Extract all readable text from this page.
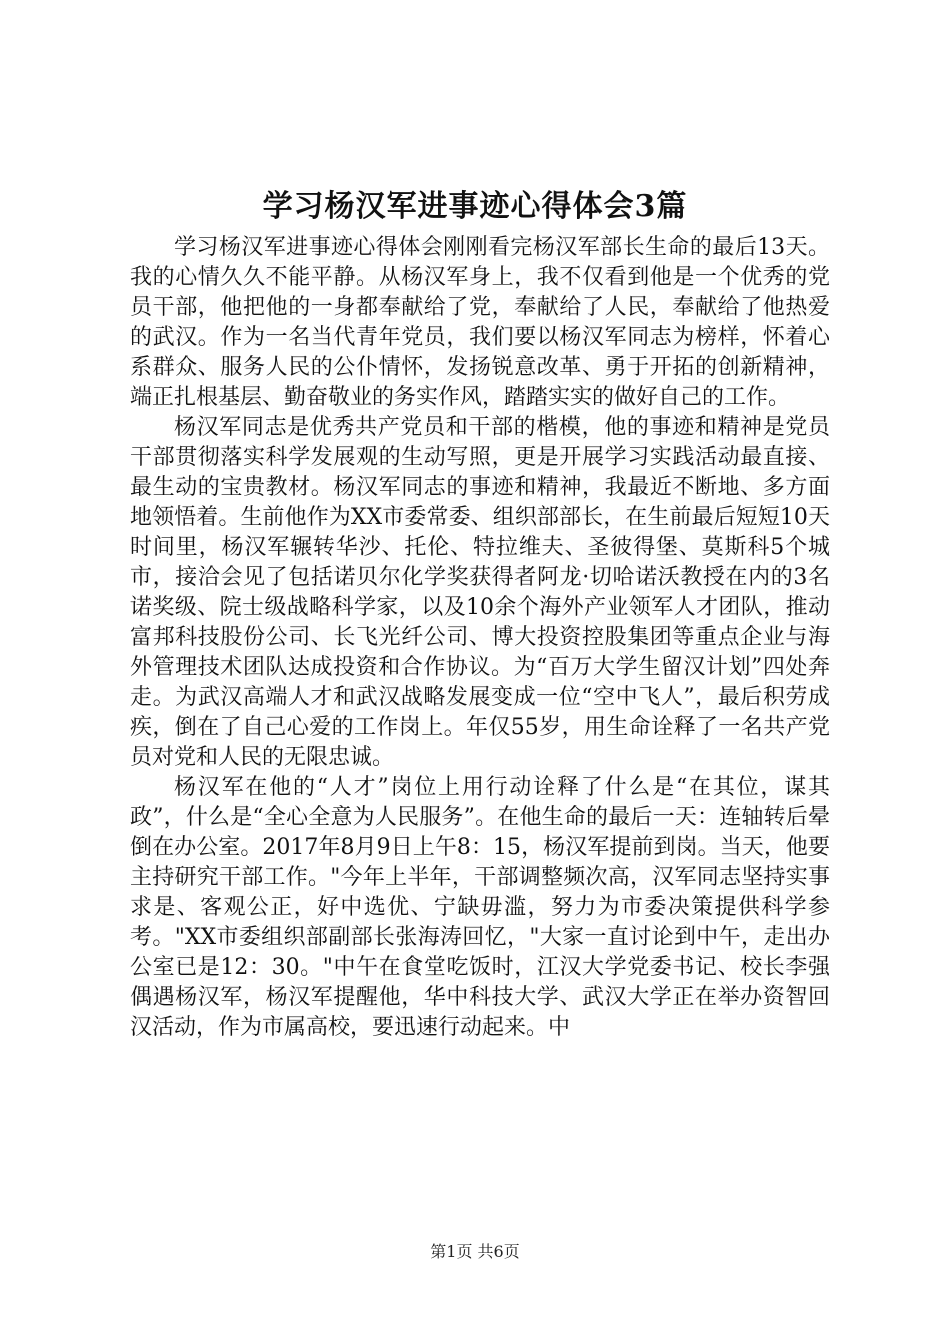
学习杨汉军进事迹心得体会3篇

学习杨汉军进事迹心得体会刚刚看完杨汉军部长生命的最后13天。我的心情久久不能平静。从杨汉军身上，我不仅看到他是一个优秀的党员干部，他把他的一身都奉献给了党，奉献给了人民，奉献给了他热爱的武汉。作为一名当代青年党员，我们要以杨汉军同志为榜样，怀着心系群众、服务人民的公仆情怀，发扬锐意改革、勇于开拓的创新精神，端正扎根基层、勤奋敬业的务实作风，踏踏实实的做好自己的工作。

杨汉军同志是优秀共产党员和干部的楷模，他的事迹和精神是党员干部贯彻落实科学发展观的生动写照，更是开展学习实践活动最直接、最生动的宝贵教材。杨汉军同志的事迹和精神，我最近不断地、多方面地领悟着。生前他作为XX市委常委、组织部部长，在生前最后短短10天时间里，杨汉军辗转华沙、托伦、特拉维夫、圣彼得堡、莫斯科5个城市，接洽会见了包括诺贝尔化学奖获得者阿龙·切哈诺沃教授在内的3名诺奖级、院士级战略科学家，以及10余个海外产业领军人才团队，推动富邦科技股份公司、长飞光纤公司、博大投资控股集团等重点企业与海外管理技术团队达成投资和合作协议。为“百万大学生留汉计划”四处奔走。为武汉高端人才和武汉战略发展变成一位“空中飞人”，最后积劳成疾，倒在了自己心爱的工作岗上。年仅55岁，用生命诠释了一名共产党员对党和人民的无限忠诚。

杨汉军在他的“人才”岗位上用行动诠释了什么是“在其位，谋其政”，什么是“全心全意为人民服务”。在他生命的最后一天：连轴转后晕倒在办公室。2017年8月9日上午8：15，杨汉军提前到岗。当天，他要主持研究干部工作。"今年上半年，干部调整频次高，汉军同志坚持实事求是、客观公正，好中选优、宁缺毋滥，努力为市委决策提供科学参考。"XX市委组织部副部长张海涛回忆，"大家一直讨论到中午，走出办公室已是12：30。"中午在食堂吃饭时，江汉大学党委书记、校长李强偶遇杨汉军，杨汉军提醒他，华中科技大学、武汉大学正在举办资智回汉活动，作为市属高校，要迅速行动起来。中

第1页 共6页
